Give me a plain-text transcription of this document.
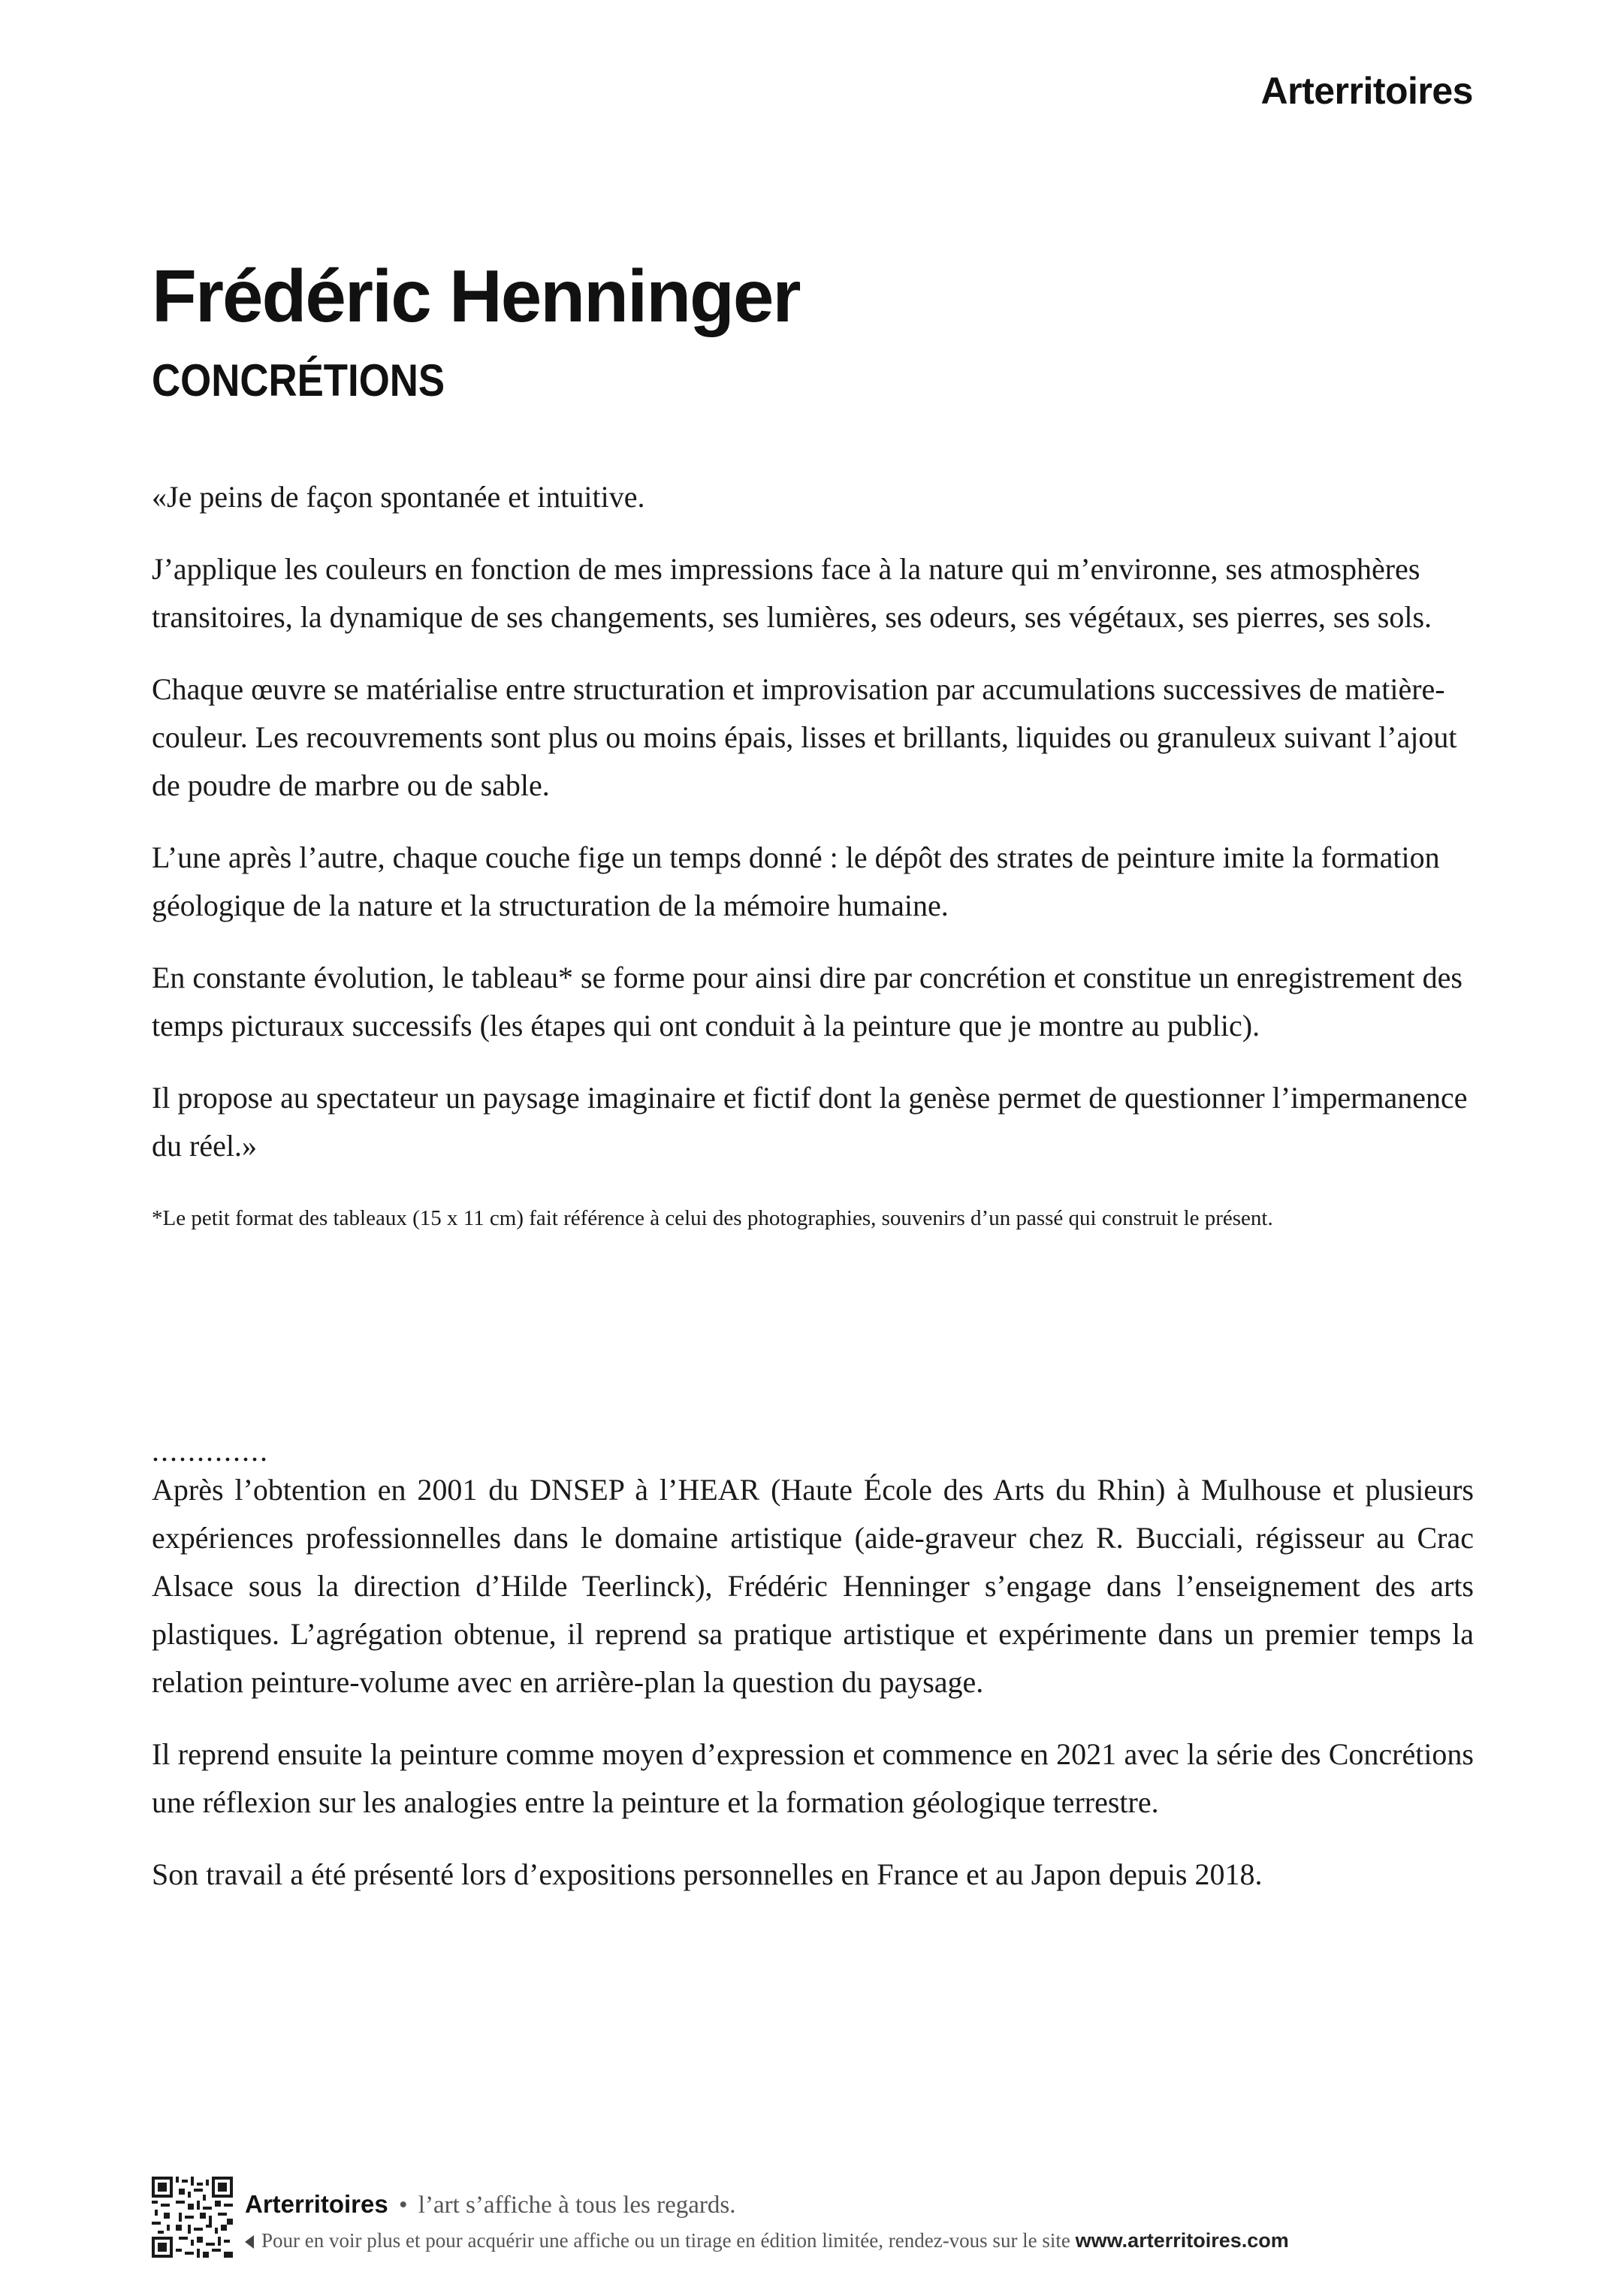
Arterritoires
Frédéric Henninger
CONCRÉTIONS

«Je peins de façon spontanée et intuitive.

J’applique les couleurs en fonction de mes impressions face à la nature qui m’environne, ses atmosphères transitoires, la dynamique de ses changements, ses lumières, ses odeurs, ses végétaux, ses pierres, ses sols.

Chaque œuvre se matérialise entre structuration et improvisation par accumulations successives de matière-couleur. Les recouvrements sont plus ou moins épais, lisses et brillants, liquides ou granuleux suivant l’ajout de poudre de marbre ou de sable.

L’une après l’autre, chaque couche fige un temps donné : le dépôt des strates de peinture imite la formation géologique de la nature et la structuration de la mémoire humaine.

En constante évolution, le tableau* se forme pour ainsi dire par concrétion et constitue un enregistrement des temps picturaux successifs (les étapes qui ont conduit à la peinture que je montre au public).

Il propose au spectateur un paysage imaginaire et fictif dont la genèse permet de questionner l’impermanence du réel.»

*Le petit format des tableaux (15 x 11 cm) fait référence à celui des photographies, souvenirs d’un passé qui construit le présent.

.............

Après l’obtention en 2001 du DNSEP à l’HEAR (Haute École des Arts du Rhin) à Mulhouse et plusieurs expériences professionnelles dans le domaine artistique (aide-graveur chez R. Bucciali, régisseur au Crac Alsace sous la direction d’Hilde Teerlinck), Frédéric Henninger s’engage dans l’enseignement des arts plastiques. L’agrégation obtenue, il reprend sa pratique artistique et expérimente dans un premier temps la relation peinture-volume avec en arrière-plan la question du paysage.

Il reprend ensuite la peinture comme moyen d’expression et commence en 2021 avec la série des Concrétions une réflexion sur les analogies entre la peinture et la formation géologique terrestre.

Son travail a été présenté lors d’expositions personnelles en France et au Japon depuis 2018.

Arterritoires • l’art s’affiche à tous les regards.
Pour en voir plus et pour acquérir une affiche ou un tirage en édition limitée, rendez-vous sur le site www.arterritoires.com
